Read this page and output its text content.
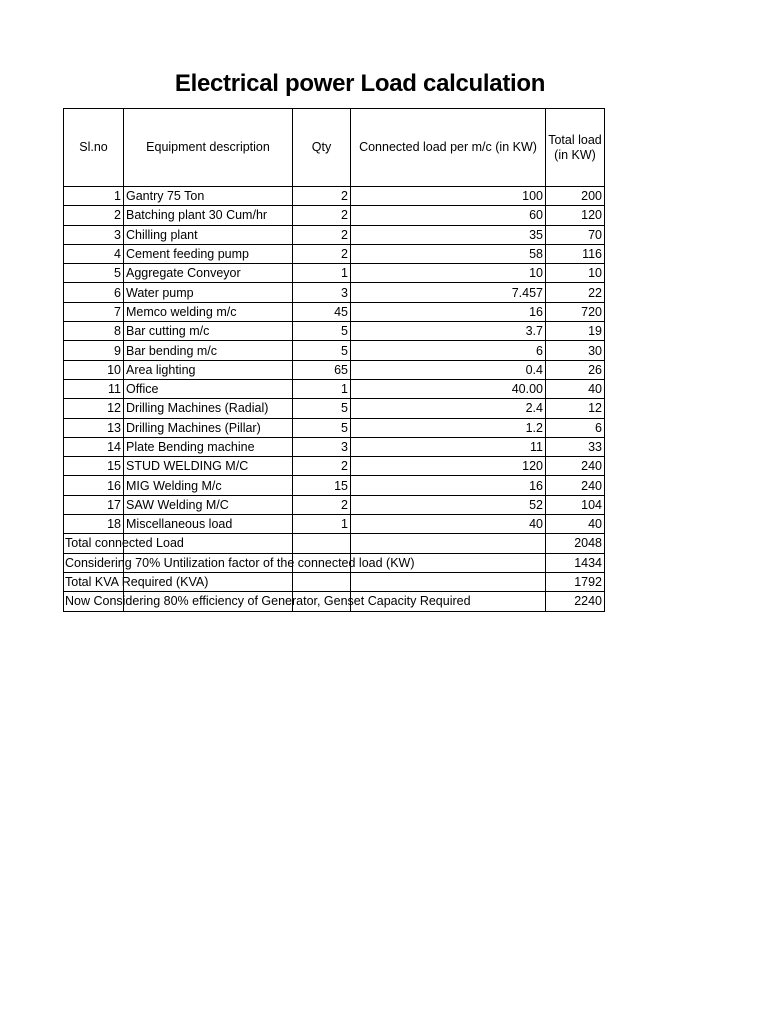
Electrical power Load calculation
Sl.no	Equipment description	Qty	Connected load per m/c (in KW)	Total load (in KW)
1	Gantry 75 Ton	2	100	200
2	Batching plant 30 Cum/hr	2	60	120
3	Chilling plant	2	35	70
4	Cement feeding pump	2	58	116
5	Aggregate Conveyor	1	10	10
6	Water pump	3	7.457	22
7	Memco welding m/c	45	16	720
8	Bar cutting m/c	5	3.7	19
9	Bar bending m/c	5	6	30
10	Area lighting	65	0.4	26
11	Office	1	40.00	40
12	Drilling Machines (Radial)	5	2.4	12
13	Drilling Machines (Pillar)	5	1.2	6
14	Plate Bending machine	3	11	33
15	STUD WELDING M/C	2	120	240
16	MIG Welding M/c	15	16	240
17	SAW Welding M/C	2	52	104
18	Miscellaneous load	1	40	40

Total connected Load				2048

Considering 70% Untilization factor of the connected load (KW)				1434

Total KVA Required (KVA)				1792

Now Considering 80% efficiency of Generator, Genset Capacity Required				2240
